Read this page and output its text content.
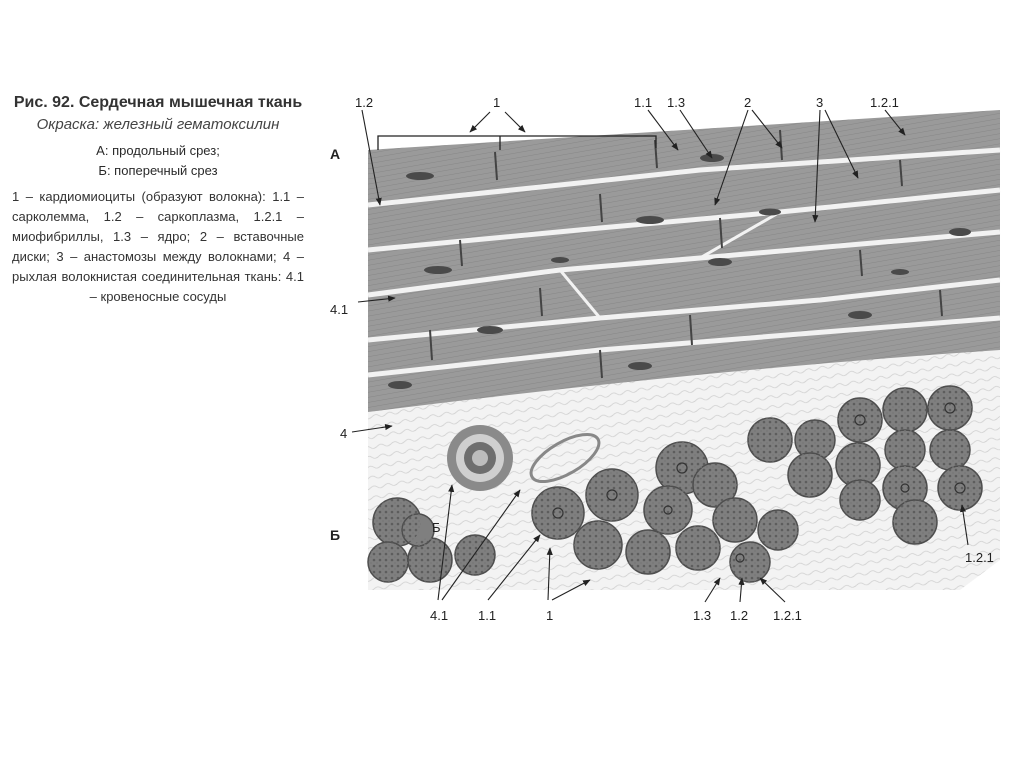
Рис. 92. Сердечная мышечная ткань

Окраска: железный гематоксилин

А: продольный срез;
Б: поперечный срез

1 – кардиомиоциты (образуют волокна): 1.1 – сарколемма, 1.2 – саркоплазма, 1.2.1 – миофибриллы, 1.3 – ядро; 2 – вставочные диски; 3 – анастомозы между волокнами; 4 – рыхлая волокнистая соединительная ткань: 4.1 – кровеносные сосуды

А
Б
1.2	1	1.1 1.3	2	3	1.2.1
4.1
4
Б
1.2.1
4.1 1.1	1	1.3 1.2 1.2.1
